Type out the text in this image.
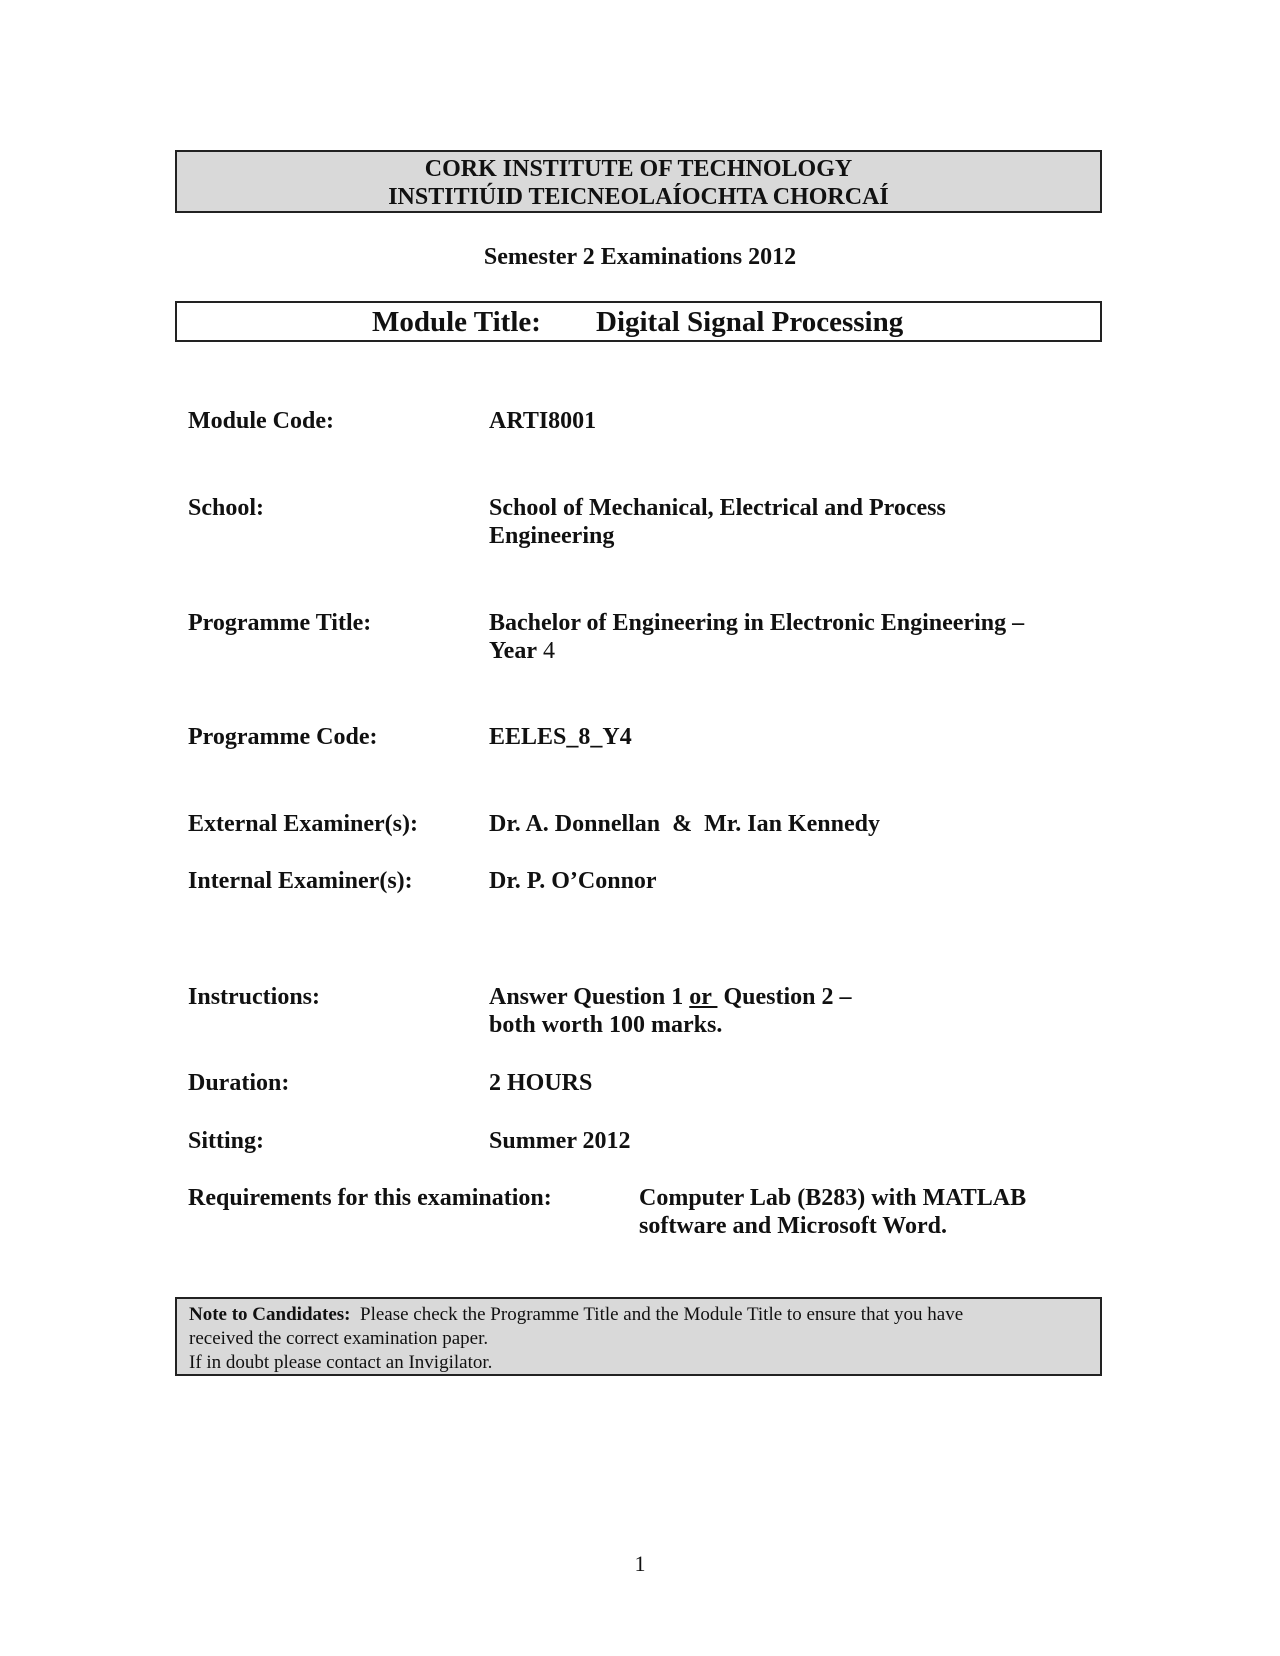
CORK INSTITUTE OF TECHNOLOGY
INSTITIÚID TEICNEOLAÍOCHTA CHORCAÍ
Semester 2 Examinations 2012
Module Title: Digital Signal Processing
Module Code:	ARTI8001
School:	School of Mechanical, Electrical and Process
Engineering
Programme Title:	Bachelor of Engineering in Electronic Engineering –
Year 4
Programme Code:	EELES_8_Y4
External Examiner(s):	Dr. A. Donnellan  &  Mr. Ian Kennedy
Internal Examiner(s):	Dr. P. O’Connor
Instructions:	Answer Question 1 or  Question 2 –
both worth 100 marks.
Duration:	2 HOURS
Sitting:	Summer 2012
Requirements for this examination:	Computer Lab (B283) with MATLAB
software and Microsoft Word.
Note to Candidates:  Please check the Programme Title and the Module Title to ensure that you have
received the correct examination paper.
If in doubt please contact an Invigilator.
1
